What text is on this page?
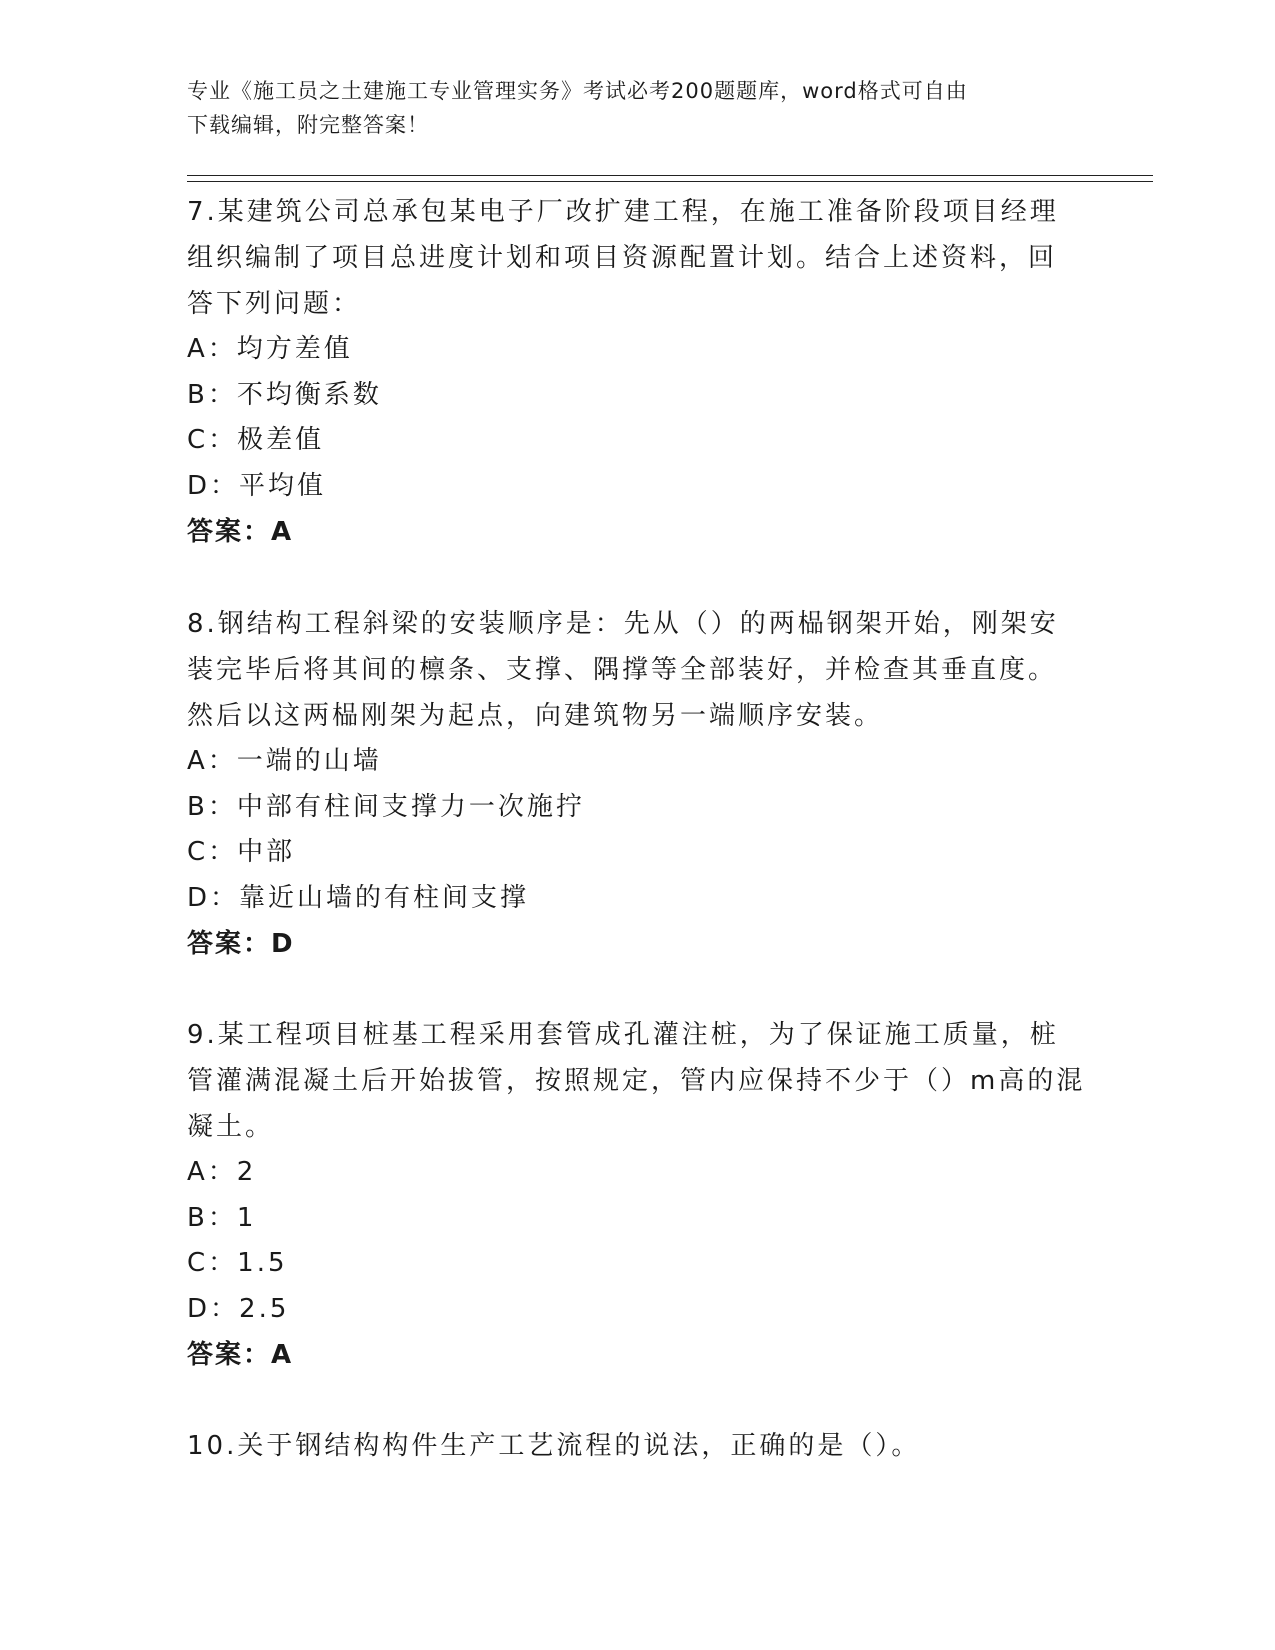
专业《施工员之土建施工专业管理实务》考试必考200题题库，word格式可自由
下载编辑，附完整答案！
7.某建筑公司总承包某电子厂改扩建工程，在施工准备阶段项目经理
组织编制了项目总进度计划和项目资源配置计划。结合上述资料，回
答下列问题：
A：均方差值
B：不均衡系数
C：极差值
D：平均值
答案：A
8.钢结构工程斜梁的安装顺序是：先从（）的两榀钢架开始，刚架安
装完毕后将其间的檩条、支撑、隅撑等全部装好，并检查其垂直度。
然后以这两榀刚架为起点，向建筑物另一端顺序安装。
A：一端的山墙
B：中部有柱间支撑力一次施拧
C：中部
D：靠近山墙的有柱间支撑
答案：D
9.某工程项目桩基工程采用套管成孔灌注桩，为了保证施工质量，桩
管灌满混凝土后开始拔管，按照规定，管内应保持不少于（）m高的混
凝土。
A：2
B：1
C：1.5
D：2.5
答案：A
10.关于钢结构构件生产工艺流程的说法，正确的是（）。
